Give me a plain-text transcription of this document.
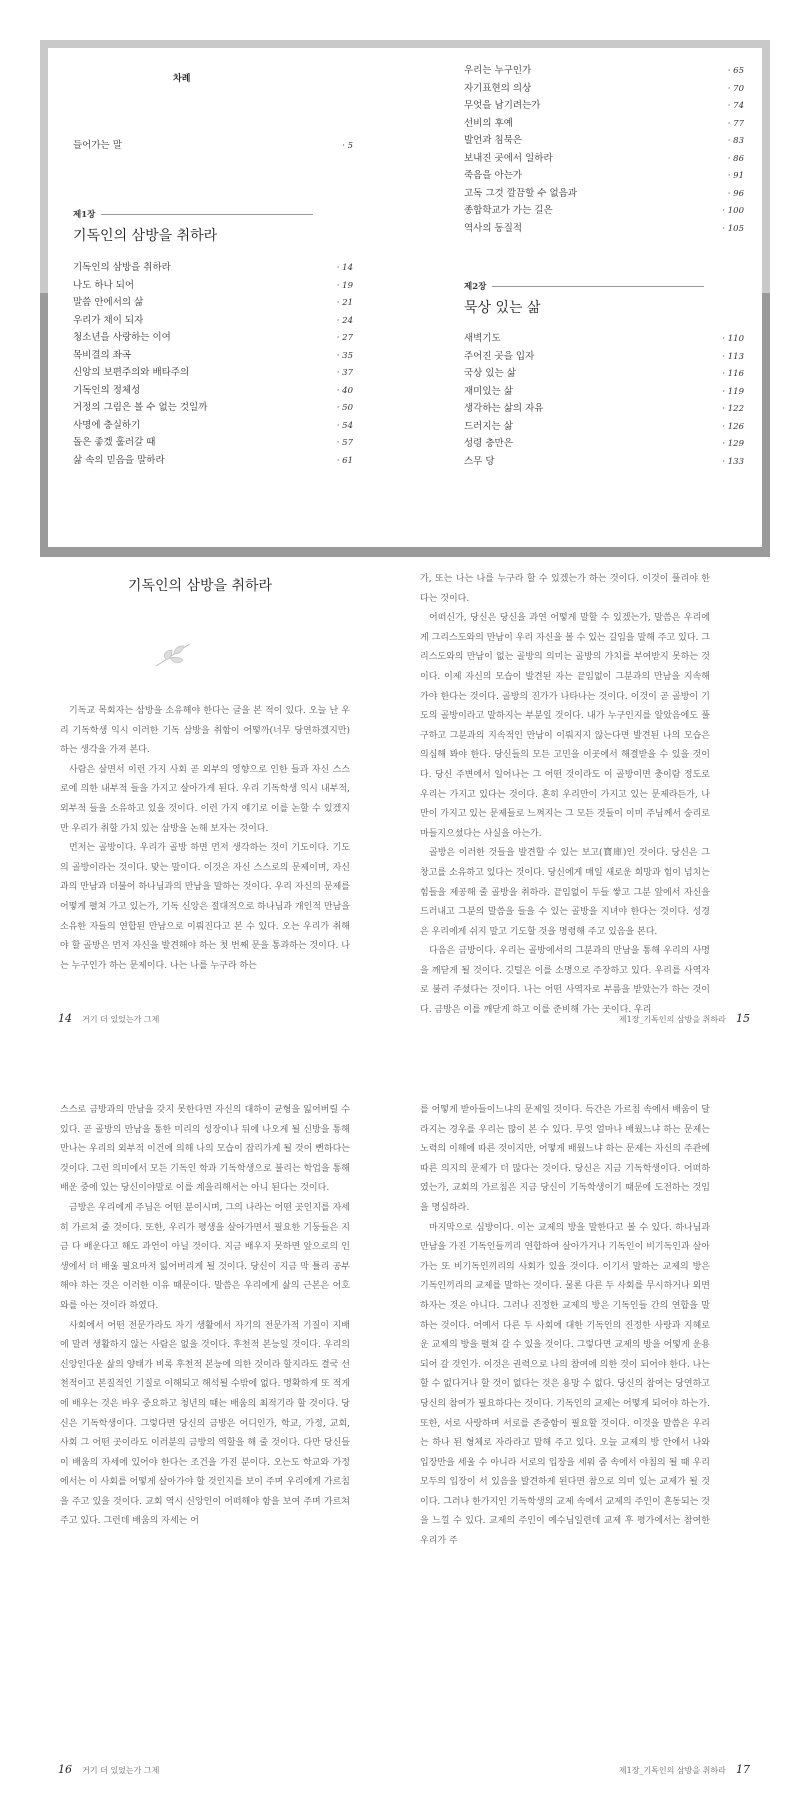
차례
들어가는 말	· 5
제1장
기독인의 삼방을 취하라
기독인의 삼방을 취하라	· 14
나도 하나 되어	· 19
말씀 안에서의 삶	· 21
우리가 채이 되자	· 24
청소년을 사랑하는 이여	· 27
목비결의 좌곡	· 35
신앙의 보편주의와 배타주의	· 37
기독인의 정체성	· 40
거정의 그림은 볼 수 없는 것일까	· 50
사명에 충실하기	· 54
돌은 좋겠 훌러갈 때	· 57
삶 속의 믿음을 말하라	· 61
우리는 누구인가	· 65
자기표현의 의상	· 70
무엇을 남기려는가	· 74
선비의 후예	· 77
발언과 침묵은	· 83
보내진 곳에서 일하라	· 86
죽음을 아는가	· 91
고독 그것 깔끔할 수 없음과	· 96
종합학교가 가는 길은	· 100
역사의 동질적	· 105
제2장
묵상 있는 삶
새벽기도	· 110
주어진 곳을 입자	· 113
국상 있는 삶	· 116
재미있는 삶	· 119
생각하는 삶의 자유	· 122
드러지는 삶	· 126
성령 충만은	· 129
스무 당	· 133
기독인의 삼방을 취하라

기독교 목회자는 삼방을 소유해야 한다는 글을 본 적이 있다. 오늘 난 우리 기독학생 익시 이러한 기독 삼방을 취함이 어떻까(너무 당연하겠지만) 하는 생각을 가져 본다.

사람은 살면서 이런 가지 사회 곧 외부의 영향으로 인한 들과 자신 스스로에 의한 내부적 들을 가지고 살아가게 된다. 우리 기독학생 익시 내부적, 외부적 들을 소유하고 있을 것이다. 이런 가지 얘기로 이를 논할 수 있겠지만 우리가 취할 가치 있는 삼방을 논해 보자는 것이다.

먼저는 골방이다. 우리가 골방 하면 먼저 생각하는 것이 기도이다. 기도의 골방이라는 것이다. 맞는 말이다. 이것은 자신 스스로의 문제이며, 자신과의 만남과 더불어 하나님과의 만남을 말하는 것이다. 우리 자신의 문제를 어떻게 펼쳐 가고 있는가, 기독 신앙은 절대적으로 하나님과 개인적 만남을 소유한 자들의 연합된 만남으로 이뤄진다고 본 수 있다. 오는 우리가 취해야 할 골방은 먼저 자신을 발견해야 하는 첫 번째 문을 통과하는 것이다. 나는 누구인가 하는 문제이다. 나는 나를 누구라 하는

가, 또는 나는 나를 누구라 할 수 있겠는가 하는 것이다. 이것이 풀리야 한다는 것이다.

어떠신가, 당신은 당신을 과연 어떻게 말할 수 있겠는가, 말씀은 우리에게 그리스도와의 만남이 우리 자신을 볼 수 있는 길임을 말해 주고 있다. 그리스도와의 만남이 없는 골방의 의미는 골방의 가치를 부여받지 못하는 것이다. 이제 자신의 모습이 발견된 자는 끝임없이 그분과의 만남을 지속해 가야 한다는 것이다. 골방의 진가가 나타나는 것이다. 이것이 곧 골방이 기도의 골방이라고 말하지는 부분일 것이다. 내가 누구인지를 알았음에도 풀구하고 그분과의 지속적인 만남이 이뤄지지 않는다면 발견된 나의 모습은 의심해 봐야 한다. 당신들의 모든 고민을 이곳에서 해결받을 수 있을 것이다. 당신 주변에서 일어나는 그 어떤 것이라도 이 골방이면 충이람 정도로 우리는 가지고 있다는 것이다. 혼히 우리만이 가지고 있는 문제라든가, 나만이 가지고 있는 문제들로 느껴지는 그 모든 것들이 이미 주님께서 숭리로 마들지으셨다는 사실을 아는가.

골방은 이러한 것들을 발견할 수 있는 보고(寶庫)인 것이다. 당신은 그 창고를 소유하고 있다는 것이다. 당신에게 매일 새로운 희망과 힘이 넘치는 힘들을 제공해 줄 골방을 취하라. 끝임없이 두들 쌓고 그분 앞에서 자신을 드러내고 그분의 말씀을 들을 수 있는 골방을 지녀야 한다는 것이다. 성경은 우리에게 쉬지 말고 기도할 것을 명령해 주고 있음을 본다.

다음은 금방이다. 우리는 골방에서의 그분과의 만남을 통해 우리의 사명을 깨닫게 될 것이다. 깃털은 이를 소명으로 주장하고 있다. 우리를 사역자로 불러 주셨다는 것이다. 나는 어떤 사역자로 부름을 받았는가 하는 것이다. 금방은 이를 깨닫게 하고 이를 준비해 가는 곳이다. 우리

14 거기 더 있었는가 그제	제1장_기독인의 삼방을 취하라 15

스스로 금방과의 만남을 갖지 못한다면 자신의 대하이 균형을 잃어버릴 수 있다. 곧 골방의 만남을 통한 미리의 성장이나 뒤에 나오게 될 신방을 통해 만나는 우리의 외부적 이건에 의해 나의 모습이 잡리가게 될 것이 뻔하다는 것이다. 그런 의미에서 모든 기독인 학과 기독학생으로 불리는 학업을 통해 배운 중에 있는 당신이야말로 이를 계을리해서는 아니 된다는 것이다.

금방은 우리에게 주님은 어떤 분이시며, 그의 나라는 어떤 곳인지를 자세히 가르쳐 줄 것이다. 또한, 우리가 평생을 살아가면서 필요한 기둥들은 지금 다 배운다고 해도 과언이 아닐 것이다. 지금 배우지 못하면 앞으로의 인생에서 더 배울 필요마저 잃어버리게 될 것이다. 당신이 지금 막 틀리 공부해야 하는 것은 이러한 이유 때문이다. 말씀은 우리에게 삶의 근본은 어호와를 아는 것이라 하였다.

사회에서 어떤 전문가라도 자기 생활에서 자기의 전문가적 기질이 지배에 말려 생활하지 않는 사람은 없을 것이다. 후천적 본능일 것이다. 우리의 신앙인다운 삶의 양태가 비록 후천적 본능에 의한 것이라 할지라도 결국 선천적이고 본질적인 기질로 이해되고 해석될 수밖에 없다. 명확하게 또 적게에 배우는 것은 바우 중요하고 청년의 때는 배움의 최적기라 할 것이다. 당신은 기독학생이다. 그렇다면 당신의 금방은 어디인가, 학교, 가정, 교회, 사회 그 어떤 곳이라도 이러분의 금방의 역할을 해 줄 것이다. 다만 당신들이 배움의 자세에 있어야 한다는 조건을 가진 분이다. 오는도 학교와 가정에서는 이 사회를 어떻게 살아가야 할 것인지를 보이 주며 우리에게 가르침을 주고 있을 것이다. 교회 역시 신앙인이 어떠해야 함을 보여 주며 가르쳐 주고 있다. 그런데 배움의 자세는 어

를 어떻게 받아들이느냐의 문제일 것이다. 득간은 가르침 속에서 배움이 달라지는 경우를 우리는 많이 본 수 있다. 무엇 얼마나 배웠느냐 하는 문제는 노력의 이해에 따른 것이지만, 어떻게 배웠느냐 하는 문제는 자신의 주관에 따른 의지의 문제가 더 많다는 것이다. 당신은 지금 기독학생이다. 어떠하였는가, 교회의 가르침은 지금 당신이 기독학생이기 때문에 도전하는 것임을 명심하라.

마지막으로 심방이다. 이는 교제의 방을 말한다고 볼 수 있다. 하나님과 만남을 가진 기독인들끼리 연합하여 살아가거나 기독인이 비기독인과 살아가는 또 비기독인끼리의 사회가 있을 것이다. 이기서 말하는 교제의 방은 기독인끼리의 교제를 말하는 것이다. 물론 다른 두 사회를 무시하거나 외면하자는 것은 아니다. 그러나 진정한 교제의 방은 기독인들 간의 연합을 말하는 것이다. 어예서 다른 두 사회에 대한 기독인의 진정한 사랑과 지혜로운 교제의 방을 펼쳐 갈 수 있을 것이다. 그렇다면 교제의 방을 어떻게 운용되어 갈 것인가. 이것은 권력으로 나의 참여에 의한 것이 되어야 한다. 나는 할 수 없다거나 할 것이 없다는 것은 용망 수 없다. 당신의 참여는 당연하고 당신의 참여가 필요하다는 것이다. 기독인의 교제는 어떻게 되어야 하는가. 또한, 서로 사랑하며 서로를 존중함이 필요할 것이다. 이것을 말씀은 우리는 하나 된 형체로 자라라고 말해 주고 있다. 오늘 교제의 방 안에서 나와 입장만을 세울 수 아니라 서로의 입장을 세워 줌 속에서 야침의 될 때 우리 모두의 입장이 서 있음을 발견하게 된다면 참으로 의미 있는 교제가 될 것이다. 그러나 한가지인 기독학생의 교제 속에서 교제의 주인이 혼동되는 것을 느낄 수 있다. 교제의 주인이 예수님일련데 교제 후 평가에서는 참여한 우리가 주

16 거기 더 있었는가 그제	제1장_기독인의 삼방을 취하라 17
